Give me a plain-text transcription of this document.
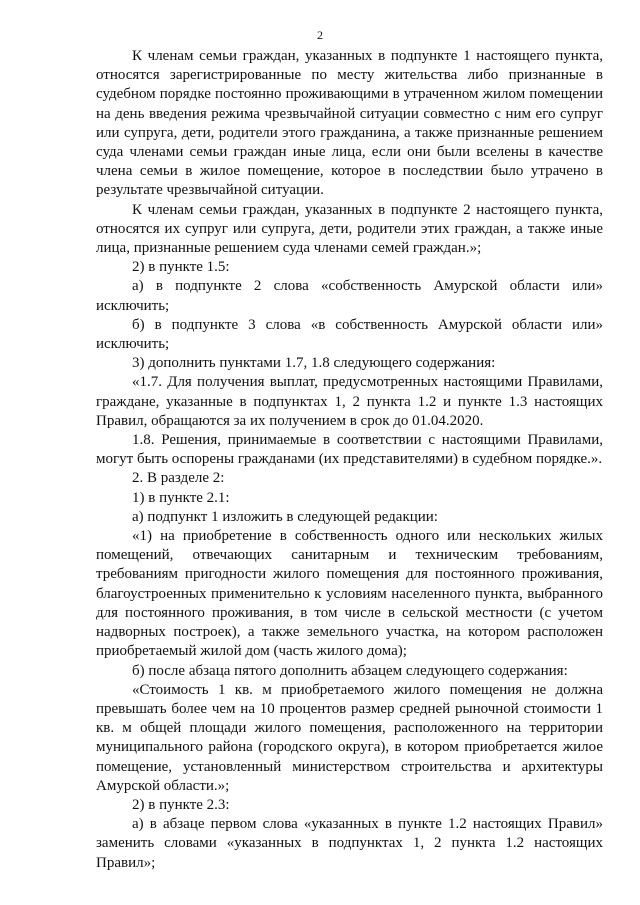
2

К членам семьи граждан, указанных в подпункте 1 настоящего пункта, относятся зарегистрированные по месту жительства либо признанные в судебном порядке постоянно проживающими в утраченном жилом помещении на день введения режима чрезвычайной ситуации совместно с ним его супруг или супруга, дети, родители этого гражданина, а также признанные решением суда членами семьи граждан иные лица, если они были вселены в качестве члена семьи в жилое помещение, которое в последствии было утрачено в результате чрезвычайной ситуации.

К членам семьи граждан, указанных в подпункте 2 настоящего пункта, относятся их супруг или супруга, дети, родители этих граждан, а также иные лица, признанные решением суда членами семей граждан.»;

2) в пункте 1.5:

а) в подпункте 2 слова «собственность Амурской области или» исключить;

б) в подпункте 3 слова «в собственность Амурской области или» исключить;

3) дополнить пунктами 1.7, 1.8 следующего содержания:

«1.7. Для получения выплат, предусмотренных настоящими Правилами, граждане, указанные в подпунктах 1, 2 пункта 1.2 и пункте 1.3 настоящих Правил, обращаются за их получением в срок до 01.04.2020.

1.8. Решения, принимаемые в соответствии с настоящими Правилами, могут быть оспорены гражданами (их представителями) в судебном порядке.».

2. В разделе 2:

1) в пункте 2.1:

а) подпункт 1 изложить в следующей редакции:

«1) на приобретение в собственность одного или нескольких жилых помещений, отвечающих санитарным и техническим требованиям, требованиям пригодности жилого помещения для постоянного проживания, благоустроенных применительно к условиям населенного пункта, выбранного для постоянного проживания, в том числе в сельской местности (с учетом надворных построек), а также земельного участка, на котором расположен приобретаемый жилой дом (часть жилого дома);

б) после абзаца пятого дополнить абзацем следующего содержания:

«Стоимость 1 кв. м приобретаемого жилого помещения не должна превышать более чем на 10 процентов размер средней рыночной стоимости 1 кв. м общей площади жилого помещения, расположенного на территории муниципального района (городского округа), в котором приобретается жилое помещение, установленный министерством строительства и архитектуры Амурской области.»;

2) в пункте 2.3:

а) в абзаце первом слова «указанных в пункте 1.2 настоящих Правил» заменить словами «указанных в подпунктах 1, 2 пункта 1.2 настоящих Правил»;
